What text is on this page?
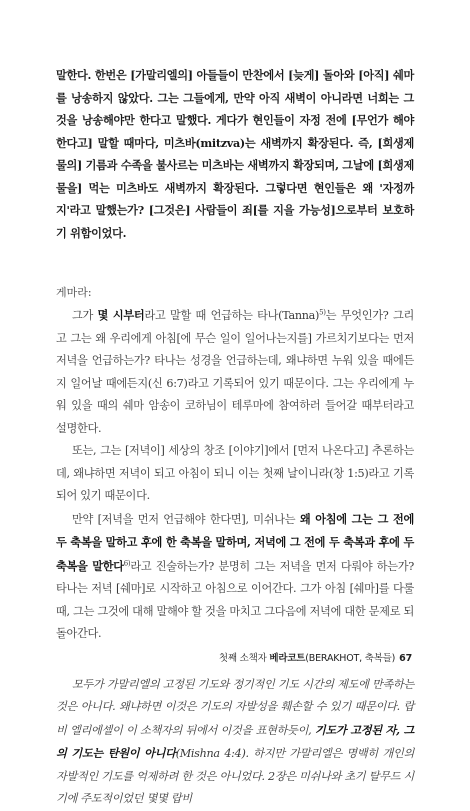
말한다. 한번은 [가말리엘의] 아들들이 만찬에서 [늦게] 돌아와 [아직] 쉐마를 낭송하지 않았다. 그는 그들에게, 만약 아직 새벽이 아니라면 너희는 그것을 낭송해야만 한다고 말했다. 게다가 현인들이 자정 전에 [무언가 해야 한다고] 말할 때마다, 미츠바(mitzva)는 새벽까지 확장된다. 즉, [희생제물의] 기름과 수족을 불사르는 미츠바는 새벽까지 확장되며, 그날에 [희생제물을] 먹는 미츠바도 새벽까지 확장된다. 그렇다면 현인들은 왜 '자정까지'라고 말했는가? [그것은] 사람들이 죄[를 지을 가능성]으로부터 보호하기 위함이었다.

게마라:

그가 몇 시부터라고 말할 때 언급하는 타나(Tanna)$^{5)}$는 무엇인가? 그리고 그는 왜 우리에게 아침[에 무슨 일이 일어나는지를] 가르치기보다는 먼저 저녁을 언급하는가? 타나는 성경을 언급하는데, 왜냐하면 누워 있을 때에든지 일어날 때에든지(신 6:7)라고 기록되어 있기 때문이다. 그는 우리에게 누워 있을 때의 쉐마 암송이 코하님이 테루마에 참여하러 들어갈 때부터라고 설명한다.

또는, 그는 [저녁이] 세상의 창조 [이야기]에서 [먼저 나온다고] 추론하는데, 왜냐하면 저녁이 되고 아침이 되니 이는 첫째 날이니라(창 1:5)라고 기록되어 있기 때문이다.

만약 [저녁을 먼저 언급해야 한다면], 미쉬나는 왜 아침에 그는 그 전에 두 축복을 말하고 후에 한 축복을 말하며, 저녁에 그 전에 두 축복과 후에 두 축복을 말한다$^{6)}$라고 진술하는가? 분명히 그는 저녁을 먼저 다뤄야 하는가? 타나는 저녁 [쉐마]로 시작하고 아침으로 이어간다. 그가 아침 [쉐마]를 다룰 때, 그는 그것에 대해 말해야 할 것을 마치고 그다음에 저녁에 대한 문제로 되돌아간다.

모두가 가말리엘의 고정된 기도와 정기적인 기도 시간의 제도에 만족하는 것은 아니다. 왜냐하면 이것은 기도의 자발성을 훼손할 수 있기 때문이다. 랍비 엘리에셀이 이 소책자의 뒤에서 이것을 표현하듯이, 기도가 고정된 자, 그의 기도는 탄원이 아니다(Mishna 4:4). 하지만 가말리엘은 명백히 개인의 자발적인 기도를 억제하려 한 것은 아니었다. 2장은 미쉬나와 초기 탈무드 시기에 주도적이었던 몇몇 랍비

첫째 소책자 베라코트(BERAKHOT, 축복들) 67
